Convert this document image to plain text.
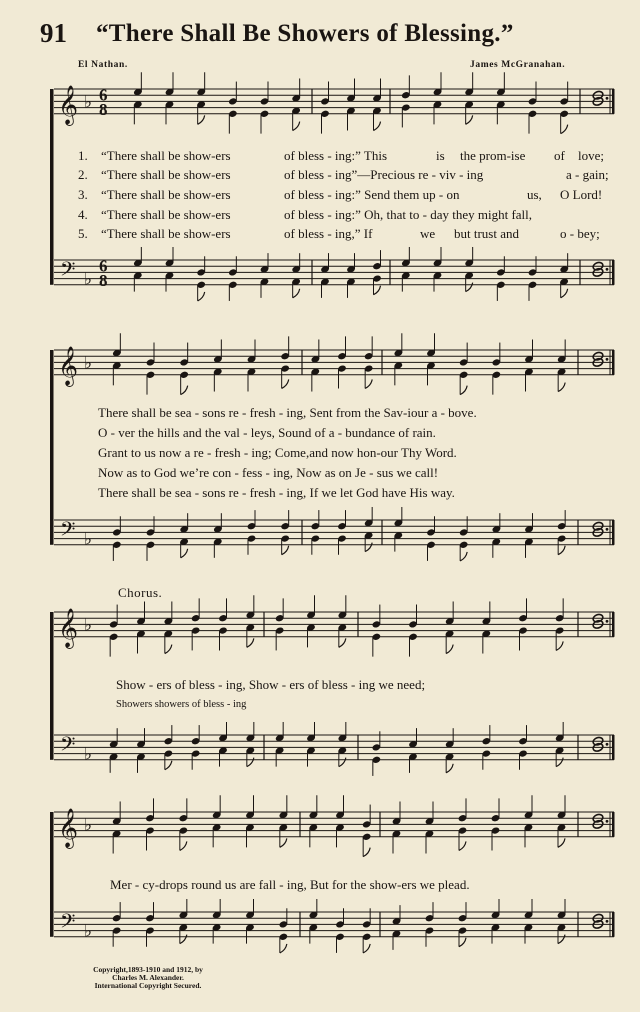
91 “There Shall Be Showers of Blessing.”
El Nathan.	James McGranahan.
𝄞 ♭ 6
8
𝄢 ♭
6
8
𝄞 ♭
𝄢 ♭
𝄞 ♭
𝄢 ♭
𝄞 ♭
𝄢 ♭
1. “There shall be show-ers	of bless - ing:” This	is the prom-ise of love;
2. “There shall be show-ers	of bless - ing”—Precious re - viv - ing	a - gain;
3. “There shall be show-ers	of bless - ing:” Send them up - on	us, O Lord!
4. “There shall be show-ers	of bless - ing:” Oh, that to - day they might fall,
5. “There shall be show-ers	of bless - ing,” If	we but trust and	o - bey;
There shall be sea - sons re - fresh - ing, Sent from the Sav-iour a - bove.
O - ver the hills and the val - leys, Sound of a - bundance of rain.
Grant to us now a re - fresh - ing; Come,and now hon-our Thy Word.
Now as to God we’re con - fess - ing, Now as on Je - sus we call!
There shall be sea - sons re - fresh - ing, If we let God have His way.
Chorus.
Show - ers of bless - ing, Show - ers of bless - ing we need;
Showers showers of bless - ing
Mer - cy-drops round us are fall - ing, But for the show-ers we plead.
Copyright,1893-1910 and 1912, by
Charles M. Alexander.
International Copyright Secured.
